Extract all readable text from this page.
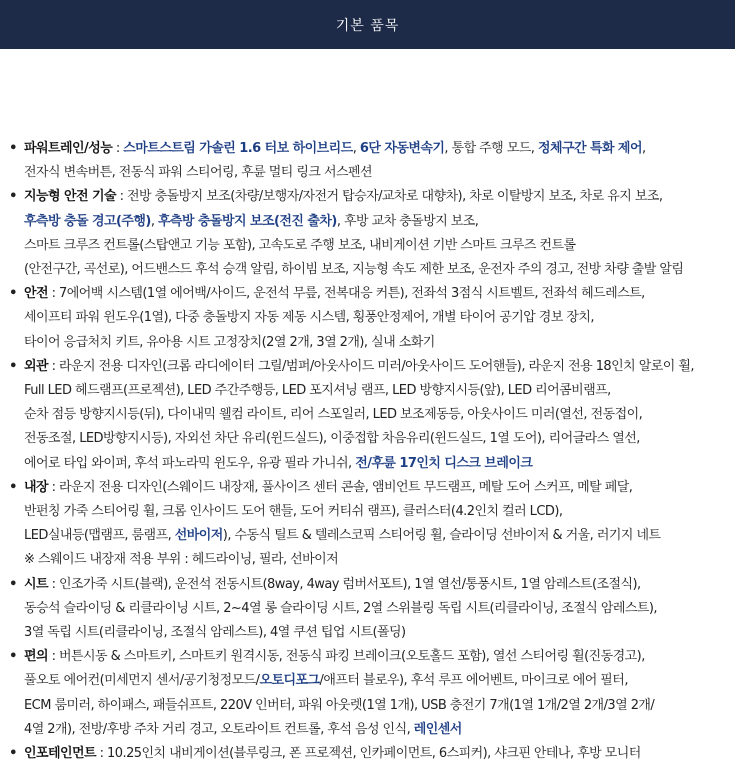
기본 품목
• 파워트레인/성능 : 스마트스트림 가솔린 1.6 터보 하이브리드, 6단 자동변속기, 통합 주행 모드, 정체구간 특화 제어,
전자식 변속버튼, 전동식 파워 스티어링, 후륜 멀티 링크 서스펜션
• 지능형 안전 기술 : 전방 충돌방지 보조(차량/보행자/자전거 탑승자/교차로 대향차), 차로 이탈방지 보조, 차로 유지 보조,
후측방 충돌 경고(주행), 후측방 충돌방지 보조(전진 출차), 후방 교차 충돌방지 보조,
스마트 크루즈 컨트롤(스탑앤고 기능 포함), 고속도로 주행 보조, 내비게이션 기반 스마트 크루즈 컨트롤
(안전구간, 곡선로), 어드밴스드 후석 승객 알림, 하이빔 보조, 지능형 속도 제한 보조, 운전자 주의 경고, 전방 차량 출발 알림
• 안전 : 7에어백 시스템(1열 에어백/사이드, 운전석 무릎, 전복대응 커튼), 전좌석 3점식 시트벨트, 전좌석 헤드레스트,
세이프티 파워 윈도우(1열), 다중 충돌방지 자동 제동 시스템, 횡풍안정제어, 개별 타이어 공기압 경보 장치,
타이어 응급처치 키트, 유아용 시트 고정장치(2열 2개, 3열 2개), 실내 소화기
• 외관 : 라운지 전용 디자인(크롬 라디에이터 그릴/범퍼/아웃사이드 미러/아웃사이드 도어핸들), 라운지 전용 18인치 알로이 휠,
Full LED 헤드램프(프로젝션), LED 주간주행등, LED 포지셔닝 램프, LED 방향지시등(앞), LED 리어콤비램프,
순차 점등 방향지시등(뒤), 다이내믹 웰컴 라이트, 리어 스포일러, LED 보조제동등, 아웃사이드 미러(열선, 전동접이,
전동조절, LED방향지시등), 자외선 차단 유리(윈드실드), 이중접합 차음유리(윈드실드, 1열 도어), 리어글라스 열선,
에어로 타입 와이퍼, 후석 파노라믹 윈도우, 유광 필라 가니쉬, 전/후륜 17인치 디스크 브레이크
• 내장 : 라운지 전용 디자인(스웨이드 내장재, 풀사이즈 센터 콘솔, 앰비언트 무드램프, 메탈 도어 스커프, 메탈 페달,
반펀칭 가죽 스티어링 휠, 크롬 인사이드 도어 핸들, 도어 커티쉬 램프), 클러스터(4.2인치 컬러 LCD),
LED실내등(맵램프, 룸램프, 선바이저), 수동식 틸트 & 텔레스코픽 스티어링 휠, 슬라이딩 선바이저 & 거울, 러기지 네트
※ 스웨이드 내장재 적용 부위 : 헤드라이닝, 필라, 선바이저
• 시트 : 인조가죽 시트(블랙), 운전석 전동시트(8way, 4way 럼버서포트), 1열 열선/통풍시트, 1열 암레스트(조절식),
동승석 슬라이딩 & 리클라이닝 시트, 2~4열 롱 슬라이딩 시트, 2열 스위블링 독립 시트(리클라이닝, 조절식 암레스트),
3열 독립 시트(리클라이닝, 조절식 암레스트), 4열 쿠션 팁업 시트(폴딩)
• 편의 : 버튼시동 & 스마트키, 스마트키 원격시동, 전동식 파킹 브레이크(오토홀드 포함), 열선 스티어링 휠(진동경고),
풀오토 에어컨(미세먼지 센서/공기청정모드/오토디포그/애프터 블로우), 후석 루프 에어벤트, 마이크로 에어 필터,
ECM 룸미러, 하이패스, 패들쉬프트, 220V 인버터, 파워 아웃렛(1열 1개), USB 충전기 7개(1열 1개/2열 2개/3열 2개/
4열 2개), 전방/후방 주차 거리 경고, 오토라이트 컨트롤, 후석 음성 인식, 레인센서
• 인포테인먼트 : 10.25인치 내비게이션(블루링크, 폰 프로젝션, 인카페이먼트, 6스피커), 샤크핀 안테나, 후방 모니터
